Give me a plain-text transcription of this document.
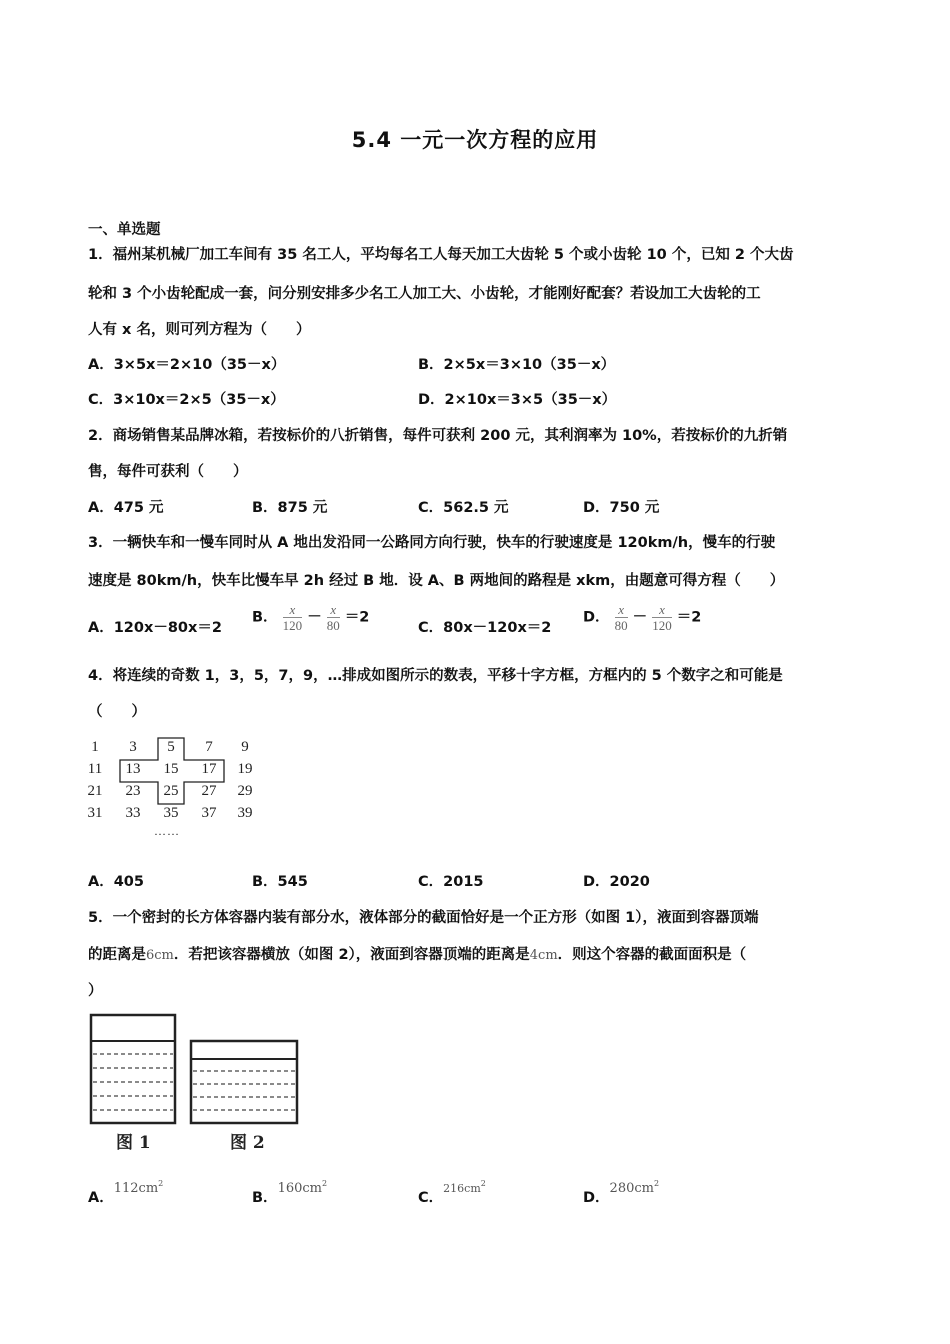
5.4 一元一次方程的应用
一、单选题
1．福州某机械厂加工车间有 35 名工人，平均每名工人每天加工大齿轮 5 个或小齿轮 10 个，已知 2 个大齿
轮和 3 个小齿轮配成一套，问分别安排多少名工人加工大、小齿轮，才能刚好配套？若设加工大齿轮的工
人有 x 名，则可列方程为（　　）
A．3×5x＝2×10（35－x）	B．2×5x＝3×10（35－x）
C．3×10x＝2×5（35－x）	D．2×10x＝3×5（35－x）
2．商场销售某品牌冰箱，若按标价的八折销售，每件可获利 200 元，其利润率为 10%，若按标价的九折销
售，每件可获利（　　）
A．475 元	B．875 元	C．562.5 元	D．750 元
3．一辆快车和一慢车同时从 A 地出发沿同一公路同方向行驶，快车的行驶速度是 120km/h，慢车的行驶
速度是 80km/h，快车比慢车早 2h 经过 B 地．设 A、B 两地间的路程是 xkm，由题意可得方程（　　）
A．120x－80x＝2
B． $\frac{x}{120} - \frac{x}{80} =2$
C．80x－120x＝2
D． $\frac{x}{80} - \frac{x}{120} =2$
4．将连续的奇数 1，3，5，7，9，…排成如图所示的数表，平移十字方框，方框内的 5 个数字之和可能是
（　　）
1	3	5	7	9
11	13	15	17	19
21	23	25	27	29
31	33	35	37	39
……
A．405	B．545	C．2015	D．2020
5．一个密封的长方体容器内装有部分水，液体部分的截面恰好是一个正方形（如图 1），液面到容器顶端
的距离是6cm．若把该容器横放（如图 2），液面到容器顶端的距离是4cm．则这个容器的截面面积是（
）
图 1	图 2
A．$112cm^2$
B．$160cm^2$
C．$216cm^2$
D．$280cm^2$
